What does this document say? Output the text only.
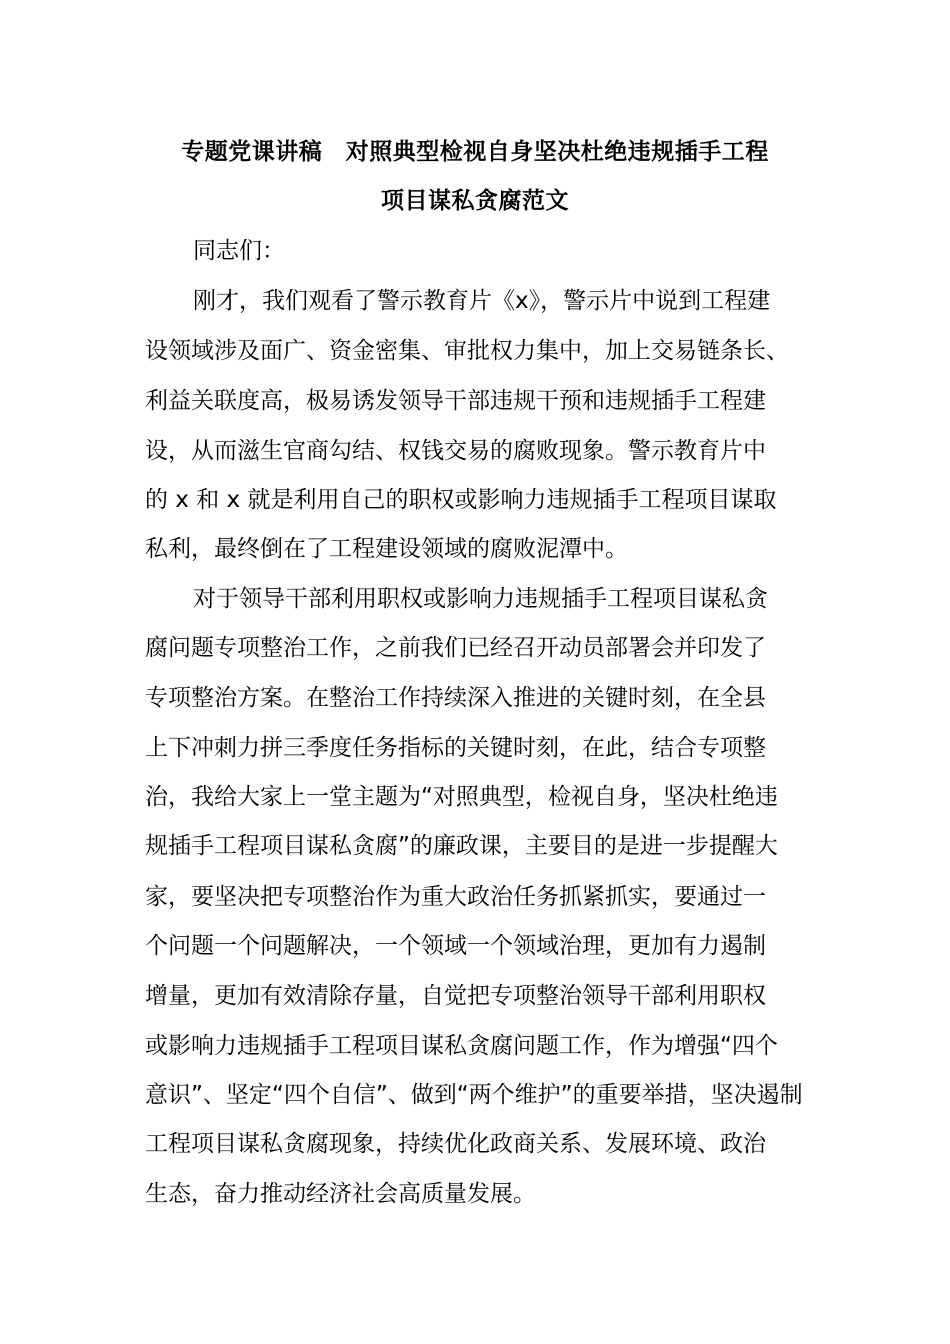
专题党课讲稿　对照典型检视自身坚决杜绝违规插手工程
项目谋私贪腐范文
同志们：
刚才，我们观看了警示教育片《x》，警示片中说到工程建
设领域涉及面广、资金密集、审批权力集中，加上交易链条长、
利益关联度高，极易诱发领导干部违规干预和违规插手工程建
设，从而滋生官商勾结、权钱交易的腐败现象。警示教育片中
的 x 和 x 就是利用自己的职权或影响力违规插手工程项目谋取
私利，最终倒在了工程建设领域的腐败泥潭中。
对于领导干部利用职权或影响力违规插手工程项目谋私贪
腐问题专项整治工作，之前我们已经召开动员部署会并印发了
专项整治方案。在整治工作持续深入推进的关键时刻，在全县
上下冲刺力拼三季度任务指标的关键时刻，在此，结合专项整
治，我给大家上一堂主题为“对照典型，检视自身，坚决杜绝违
规插手工程项目谋私贪腐”的廉政课，主要目的是进一步提醒大
家，要坚决把专项整治作为重大政治任务抓紧抓实，要通过一
个问题一个问题解决，一个领域一个领域治理，更加有力遏制
增量，更加有效清除存量，自觉把专项整治领导干部利用职权
或影响力违规插手工程项目谋私贪腐问题工作，作为增强“四个
意识”、坚定“四个自信”、做到“两个维护”的重要举措，坚决遏制
工程项目谋私贪腐现象，持续优化政商关系、发展环境、政治
生态，奋力推动经济社会高质量发展。
